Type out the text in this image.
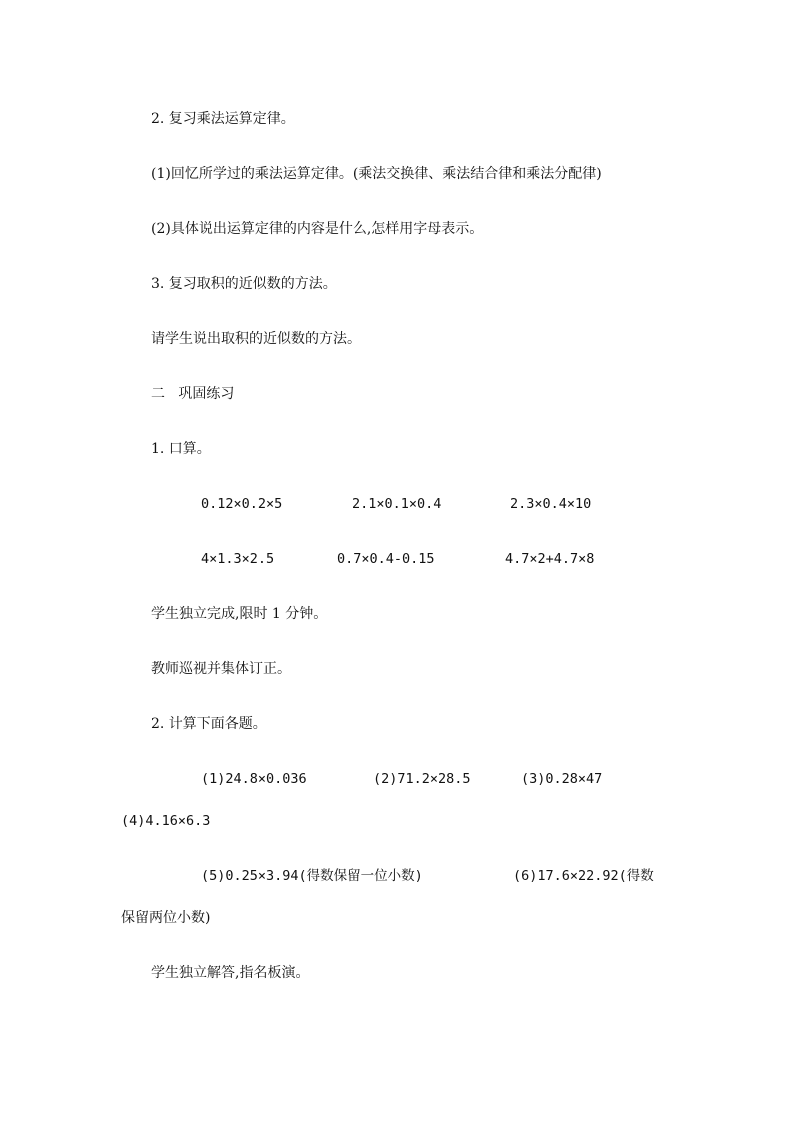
2. 复习乘法运算定律。
(1)回忆所学过的乘法运算定律。(乘法交换律、乘法结合律和乘法分配律)
(2)具体说出运算定律的内容是什么,怎样用字母表示。
3. 复习取积的近似数的方法。
请学生说出取积的近似数的方法。
二   巩固练习
1. 口算。
0.12×0.2×5	2.1×0.1×0.4	2.3×0.4×10
4×1.3×2.5	0.7×0.4-0.15	4.7×2+4.7×8
学生独立完成,限时 1 分钟。
教师巡视并集体订正。
2. 计算下面各题。
(1)24.8×0.036	(2)71.2×28.5	(3)0.28×47
(4)4.16×6.3
(5)0.25×3.94(得数保留一位小数)	(6)17.6×22.92(得数
保留两位小数)
学生独立解答,指名板演。
